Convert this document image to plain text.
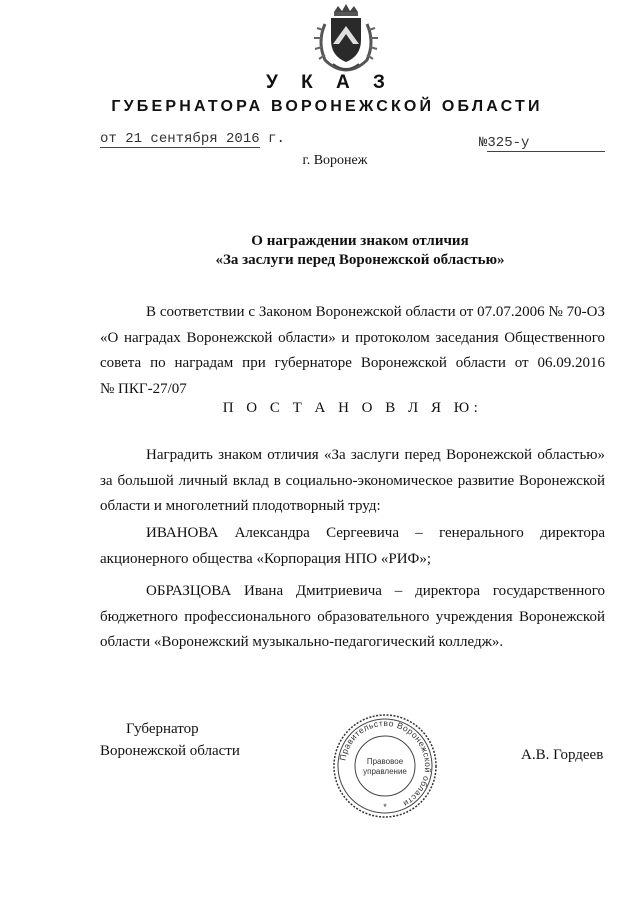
У К А З
ГУБЕРНАТОРА ВОРОНЕЖСКОЙ ОБЛАСТИ
от 21 сентября 2016 г.	№325-у
г. Воронеж
О награждении знаком отличия
«За заслуги перед Воронежской областью»
В соответствии с Законом Воронежской области от 07.07.2006 № 70-ОЗ
«О наградах Воронежской области» и протоколом заседания Общественного
совета по наградам при губернаторе Воронежской области от 06.09.2016
№ ПКГ-27/07
П О С Т А Н О В Л Я Ю:
Наградить знаком отличия «За заслуги перед Воронежской областью»
за большой личный вклад в социально-экономическое развитие Воронежской
области и многолетний плодотворный труд:
ИВАНОВА Александра Сергеевича – генерального директора
акционерного общества «Корпорация НПО «РИФ»;
ОБРАЗЦОВА Ивана Дмитриевича – директора государственного
бюджетного профессионального образовательного учреждения Воронежской
области «Воронежский музыкально-педагогический колледж».
Губернатор
Воронежской области	Правительство Воронежской области
Правовое
управление
*
А.В. Гордеев
